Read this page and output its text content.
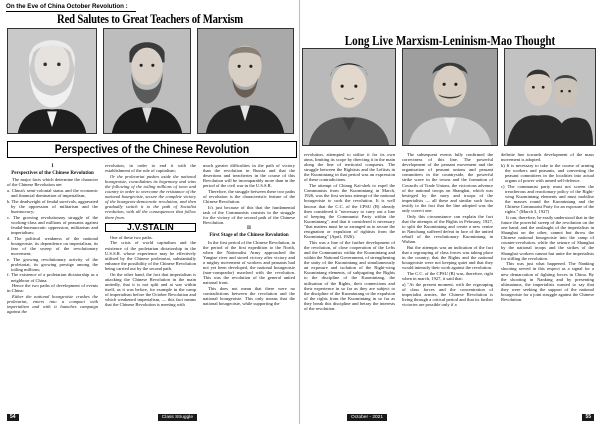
On the Eve of China October Revolution :
Red Salutes to Great Teachers of Marxism
Perspectives of the Chinese Revolution

I

Perspectives of the Chinese Revolution

The major facts which determine the character of the Chinese Revolution are:

a. China's semi-colonial status and the economic and financial domination of imperialism;

b. The deadweight of feudal survivals, aggravated by the oppression of militarism and the bureaucracy;

c. The growing revolutionary struggle of the working-class and millions of peasants against feudal-bureaucratic oppression, militarism and imperialism;

d. The political weakness of the national bourgeoisie, its dependence on imperialism, its fear of the sweep of the revolutionary movement;

e. The growing revolutionary activity of the proletariat, its growing prestige among the toiling millions;

f. The existence of a proletarian dictatorship as a neighbour of China.

Hence the two paths of development of events in China:

Either the national bourgeoisie crushes the proletariat, enters into a compact with imperialism and with it launches campaign against the

revolution, in order to end it with the establishment of the rule of capitalism;

Or the proletariat pushes aside the national bourgeoisie, consolidates its hegemony and wins the following of the toiling millions of town and country in order to overcome the resistance of the national bourgeoisie, secure the complete victory of the bourgeois-democratic revolution, and then gradually switch it to the path of Socialist revolution, with all the consequences that follow there from.

J.V.STALIN

One of these two paths.

The crisis of world capitalism and the existence of the proletarian dictatorship in the U.S.S.R. whose experience may be effectively utilised by the Chinese proletariat, substantially enhance the possibility of the Chinese Revolution being carried out by the second path.

On the other hand, the fact that imperialism is attacking the Chinese Revolution in the main unitedly, that it is not split and at war within itself, as it was before, for example in the camp of imperialism before the October Revolution and which weakened imperialism, — this fact means that the Chinese Revolution is meeting with

much greater difficulties in the path of victory than the revolution in Russia and that the desertions and treacheries in the course of this Revolution will be incomparably more than in the period of the civil war in the U.S.S.R.

Therefore, the struggle between these two paths of revolution is the characteristic feature of the Chinese Revolution.

It's just because of this that the fundamental task of the Communists consists in the struggle for the victory of the second path of the Chinese Revolution.

II

First Stage of the Chinese Revolution

In the first period of the Chinese Revolution, in the period of the first expedition to the North, when the Nationalist Army approached the Yangtse river and stored victory after victory and a mighty movement of workers and peasants had not yet been developed, the national bourgeoisie (non-comprador) marched with the revolution. This was the revolution of the general united national front.

This does not mean that there were no contradictions between the revolution and the national bourgeoisie. This only means that the national bourgeoisie, while supporting the

54	Class Struggle
Long Live Marxism-Leninism-Mao Thought

revolution, attempted to utilise it for its own aims, limiting its scope by directing it in the main along the line of territorial conquests. The struggle between the Rightists and the Leftists in the Kuomintang in that period was an expression of these contradictions.

The attempt of Chiang Kai-shek to expel the Communists from the Kuomintang in March, 1926, was the first serious attempt of the national bourgeoisie to curb the revolution. It is well known that the C.C. of the CPSU (B) already then considered it "necessary to carry out a line of keeping the Communist Party within the Kuomintang", and that it considered it necessary "that matters must be so arranged as to secure the resignation or expulsion of rightists from the Kuomintang" (April, 1926).

This was a line of the further development of the revolution, of close cooperation of the Lefts and the Communists within the Kuomintang and within the National Government, of strengthening the unity of the Kuomintang and simultaneously an exposure and isolation of the Right-wing Kuomintang elements, of subjugating the Rights to the discipline of the Kuomintang, the utilisation of the Rights, their connections and their experience in so far as they are subject to the discipline of the Kuomintang or the expulsion of the rights from the Kuomintang in so far as they break this discipline and betray the interests of the revolution.

The subsequent events fully confirmed the correctness of this line. The powerful development of the peasant movement and the organisation of peasant unions and peasant committees in the countryside, the powerful strike wave in the towns and the formation of Councils of Trade Unions, the victorious advance of the national troops on Shanghai, which was besieged by the navy and troops of the imperialists — all these and similar such facts testify to the fact that the line adopted was the only correct one.

Only this circumstance can explain the fact that the attempts of the Rights in February, 1927, to split the Kuomintang and create a new centre in Nanchang suffered defeat in face of the united rebuff of the revolutionary Kuomintang in Wuhan.

But the attempts was an indication of the fact that a regrouping of class forces was taking place in the country, that the Rights and the national bourgeoisie were not keeping quiet and that they would intensify their work against the revolution.

The C.C. of the CPSU (B) was, therefore, right when in march, 1927, it said that:

a) "At the present moment, with the regrouping of class forces and the concentration of imperialist armies, the Chinese Revolution is living through a critical period and that its further victories are possible only if a

definite line towards development of the mass movement is adopted.

b) It is necessary to take to the course of arming the workers and peasants, and converting the peasant committees in the localities into actual organs of power with armed self-defence.

c) The communist party must not screen the treacherous and reactionary policy of the Right-wing Kuomintang elements and must mobilise the masses round the Kuomintang and the Chinese Communist Party for an exposure of the rights." (March 3, 1927)

It can, therefore, be easily understood that in the future the powerful sweep of the revolution on the one hand, and the onslaught of the imperialists in Shanghai on the other, cannot but throw the Chinese national bourgeoisie into the camp of counter-revolution, while the seizure of Shanghai by the national troops and the strikes of the Shanghai workers cannot but unite the imperialists for stifling the revolution.

This was just what happened. The Nanking shooting served in this respect as a signal for a new demarcation of fighting forces in China. By the shooting in Nanking and by presenting ultimatums, the imperialists wanted to say that they were seeking the support of the national bourgeoisie for a joint struggle against the Chinese Revolution.

October - 2021	55
